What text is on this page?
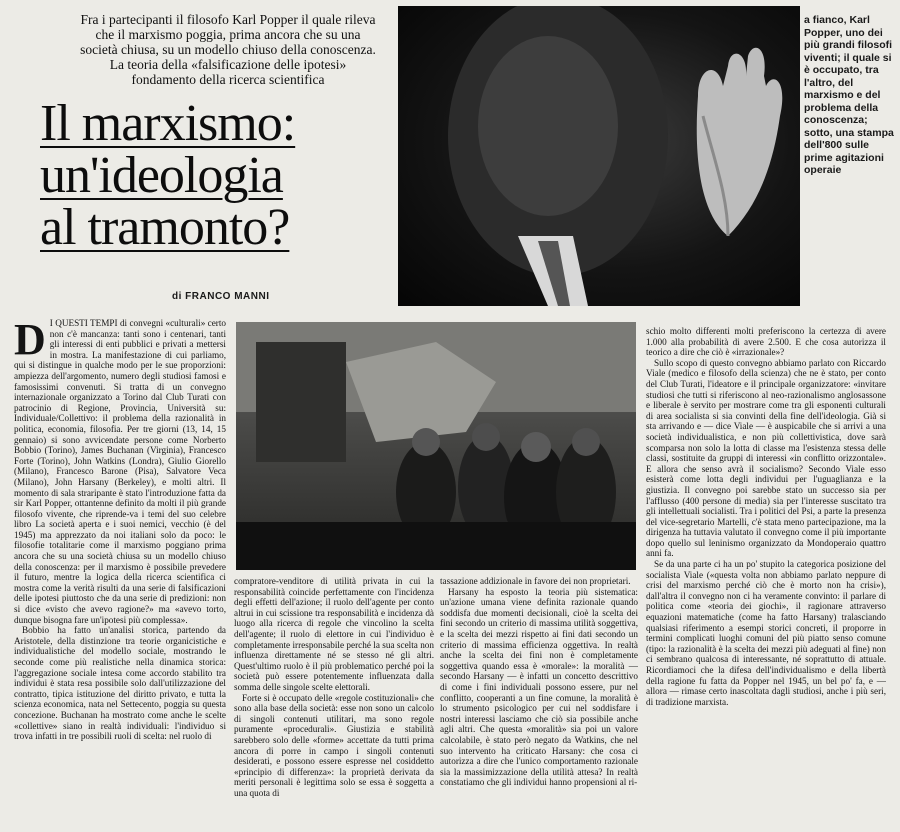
Fra i partecipanti il filosofo Karl Popper il quale rileva che il marxismo poggia, prima ancora che su una società chiusa, su un modello chiuso della conoscenza. La teoria della «falsificazione delle ipotesi» fondamento della ricerca scientifica
Il marxismo:
un'ideologia
al tramonto?
di FRANCO MANNI
a fianco, Karl Popper, uno dei più grandi filosofi viventi; il quale si è occupato, tra l'altro, del marxismo e del problema della conoscenza; sotto, una stampa dell'800 sulle prime agitazioni operaie
D I QUESTI TEMPI di convegni «culturali» certo non c'è mancanza: tanti sono i centenari, tanti gli interessi di enti pubblici e privati a mettersi in mostra. La manifestazione di cui parliamo, qui si distingue in qualche modo per le sue proporzioni: ampiezza dell'argomento, numero degli studiosi famosi e famosissimi convenuti. Si tratta di un convegno internazionale organizzato a Torino dal Club Turati con patrocinio di Regione, Provincia, Università su: Individuale/Collettivo: il problema della razionalità in politica, economia, filosofia. Per tre giorni (13, 14, 15 gennaio) si sono avvicendate persone come Norberto Bobbio (Torino), James Buchanan (Virginia), Francesco Forte (Torino), John Watkins (Londra), Giulio Giorello (Milano), Francesco Barone (Pisa), Salvatore Veca (Milano), John Harsany (Berkeley), e molti altri. Il momento di sala straripante è stato l'introduzione fatta da sir Karl Popper, ottantenne definito da molti il più grande filosofo vivente, che riprende-va i temi del suo celebre libro La società aperta e i suoi nemici, vecchio (è del 1945) ma apprezzato da noi italiani solo da poco: le filosofie totalitarie come il marxismo poggiano prima ancora che su una società chiusa su un modello chiuso della conoscenza: per il marxismo è possibile prevedere il futuro, mentre la logica della ricerca scientifica ci mostra come la verità risulti da una serie di falsificazioni delle ipotesi piuttosto che da una serie di predizioni: non si dice «visto che avevo ragione?» ma «avevo torto, dunque bisogna fare un'ipotesi più complessa».

Bobbio ha fatto un'analisi storica, partendo da Aristotele, della distinzione tra teorie organicistiche e individualistiche del modello sociale, mostrando le seconde come più realistiche nella dinamica storica: l'aggregazione sociale intesa come accordo stabilito tra individui è stata resa possibile solo dall'utilizzazione del contratto, tipica istituzione del diritto privato, e tutta la scienza economica, nata nel Settecento, poggia su questa concezione. Buchanan ha mostrato come anche le scelte «collettive» siano in realtà individuali: l'individuo si trova infatti in tre possibili ruoli di scelta: nel ruolo di

compratore-venditore di utilità privata in cui la responsabilità coincide perfettamente con l'incidenza degli effetti dell'azione; il ruolo dell'agente per conto altrui in cui scissione tra responsabilità e incidenza dà luogo alla ricerca di regole che vincolino la scelta dell'agente; il ruolo di elettore in cui l'individuo è completamente irresponsabile perché la sua scelta non influenza direttamente né se stesso né gli altri. Quest'ultimo ruolo è il più problematico perché poi la società può essere potentemente influenzata dalla somma delle singole scelte elettorali.

Forte si è occupato delle «regole costituzionali» che sono alla base della società: esse non sono un calcolo di singoli contenuti utilitari, ma sono regole puramente «procedurali». Giustizia e stabilità sarebbero solo delle «forme» accettate da tutti prima ancora di porre in campo i singoli contenuti desiderati, e possono essere espresse nel cosiddetto «principio di differenza»: la proprietà derivata da meriti personali è legittima solo se essa è soggetta a una quota di

tassazione addizionale in favore dei non proprietari.

Harsany ha esposto la teoria più sistematica: un'azione umana viene definita razionale quando soddisfa due momenti decisionali, cioè la scelta dei fini secondo un criterio di massima utilità soggettiva, e la scelta dei mezzi rispetto ai fini dati secondo un criterio di massima efficienza oggettiva. In realtà anche la scelta dei fini non è completamente soggettiva quando essa è «morale»: la moralità — secondo Harsany — è infatti un concetto descrittivo di come i fini individuali possono essere, pur nel conflitto, cooperanti a un fine comune, la moralità è lo strumento psicologico per cui nel soddisfare i nostri interessi lasciamo che ciò sia possibile anche agli altri. Che questa «moralità» sia poi un valore calcolabile, è stato però negato da Watkins, che nel suo intervento ha criticato Harsany: che cosa ci autorizza a dire che l'unico comportamento razionale sia la massimizzazione della utilità attesa? In realtà constatiamo che gli individui hanno propensioni al ri-

schio molto differenti molti preferiscono la certezza di avere 1.000 alla probabilità di avere 2.500. E che cosa autorizza il teorico a dire che ciò è «irrazionale»?

Sullo scopo di questo convegno abbiamo parlato con Riccardo Viale (medico e filosofo della scienza) che ne è stato, per conto del Club Turati, l'ideatore e il principale organizzatore: «invitare studiosi che tutti si riferiscono al neo-razionalismo anglosassone e liberale è servito per mostrare come tra gli esponenti culturali di area socialista si sia convinti della fine dell'ideologia. Già si sta arrivando e — dice Viale — è auspicabile che si arrivi a una società individualistica, e non più collettivistica, dove sarà scomparsa non solo la lotta di classe ma l'esistenza stessa delle classi, sostituite da gruppi di interessi «in conflitto orizzontale». E allora che senso avrà il socialismo? Secondo Viale esso esisterà come lotta degli individui per l'uguaglianza e la giustizia. Il convegno poi sarebbe stato un successo sia per l'afflusso (400 persone di media) sia per l'interesse suscitato tra gli intellettuali socialisti. Tra i politici del Psi, a parte la presenza del vice-segretario Martelli, c'è stata meno partecipazione, ma la dirigenza ha tuttavia valutato il convegno come il più importante dopo quello sul leninismo organizzato da Mondoperaio quattro anni fa.

Se da una parte ci ha un po' stupito la categorica posizione del socialista Viale («questa volta non abbiamo parlato neppure di crisi del marxismo perché ciò che è morto non ha crisi»), dall'altra il convegno non ci ha veramente convinto: il parlare di politica come «teoria dei giochi», il ragionare attraverso equazioni matematiche (come ha fatto Harsany) tralasciando qualsiasi riferimento a esempi storici concreti, il proporre in termini complicati luoghi comuni del più piatto senso comune (tipo: la razionalità è la scelta dei mezzi più adeguati al fine) non ci sembrano qualcosa di interessante, né soprattutto di attuale. Ricordiamoci che la difesa dell'individualismo e della libertà della ragione fu fatta da Popper nel 1945, un bel po' fa, e — allora — rimase certo inascoltata dagli studiosi, anche i più seri, di tradizione marxista.
